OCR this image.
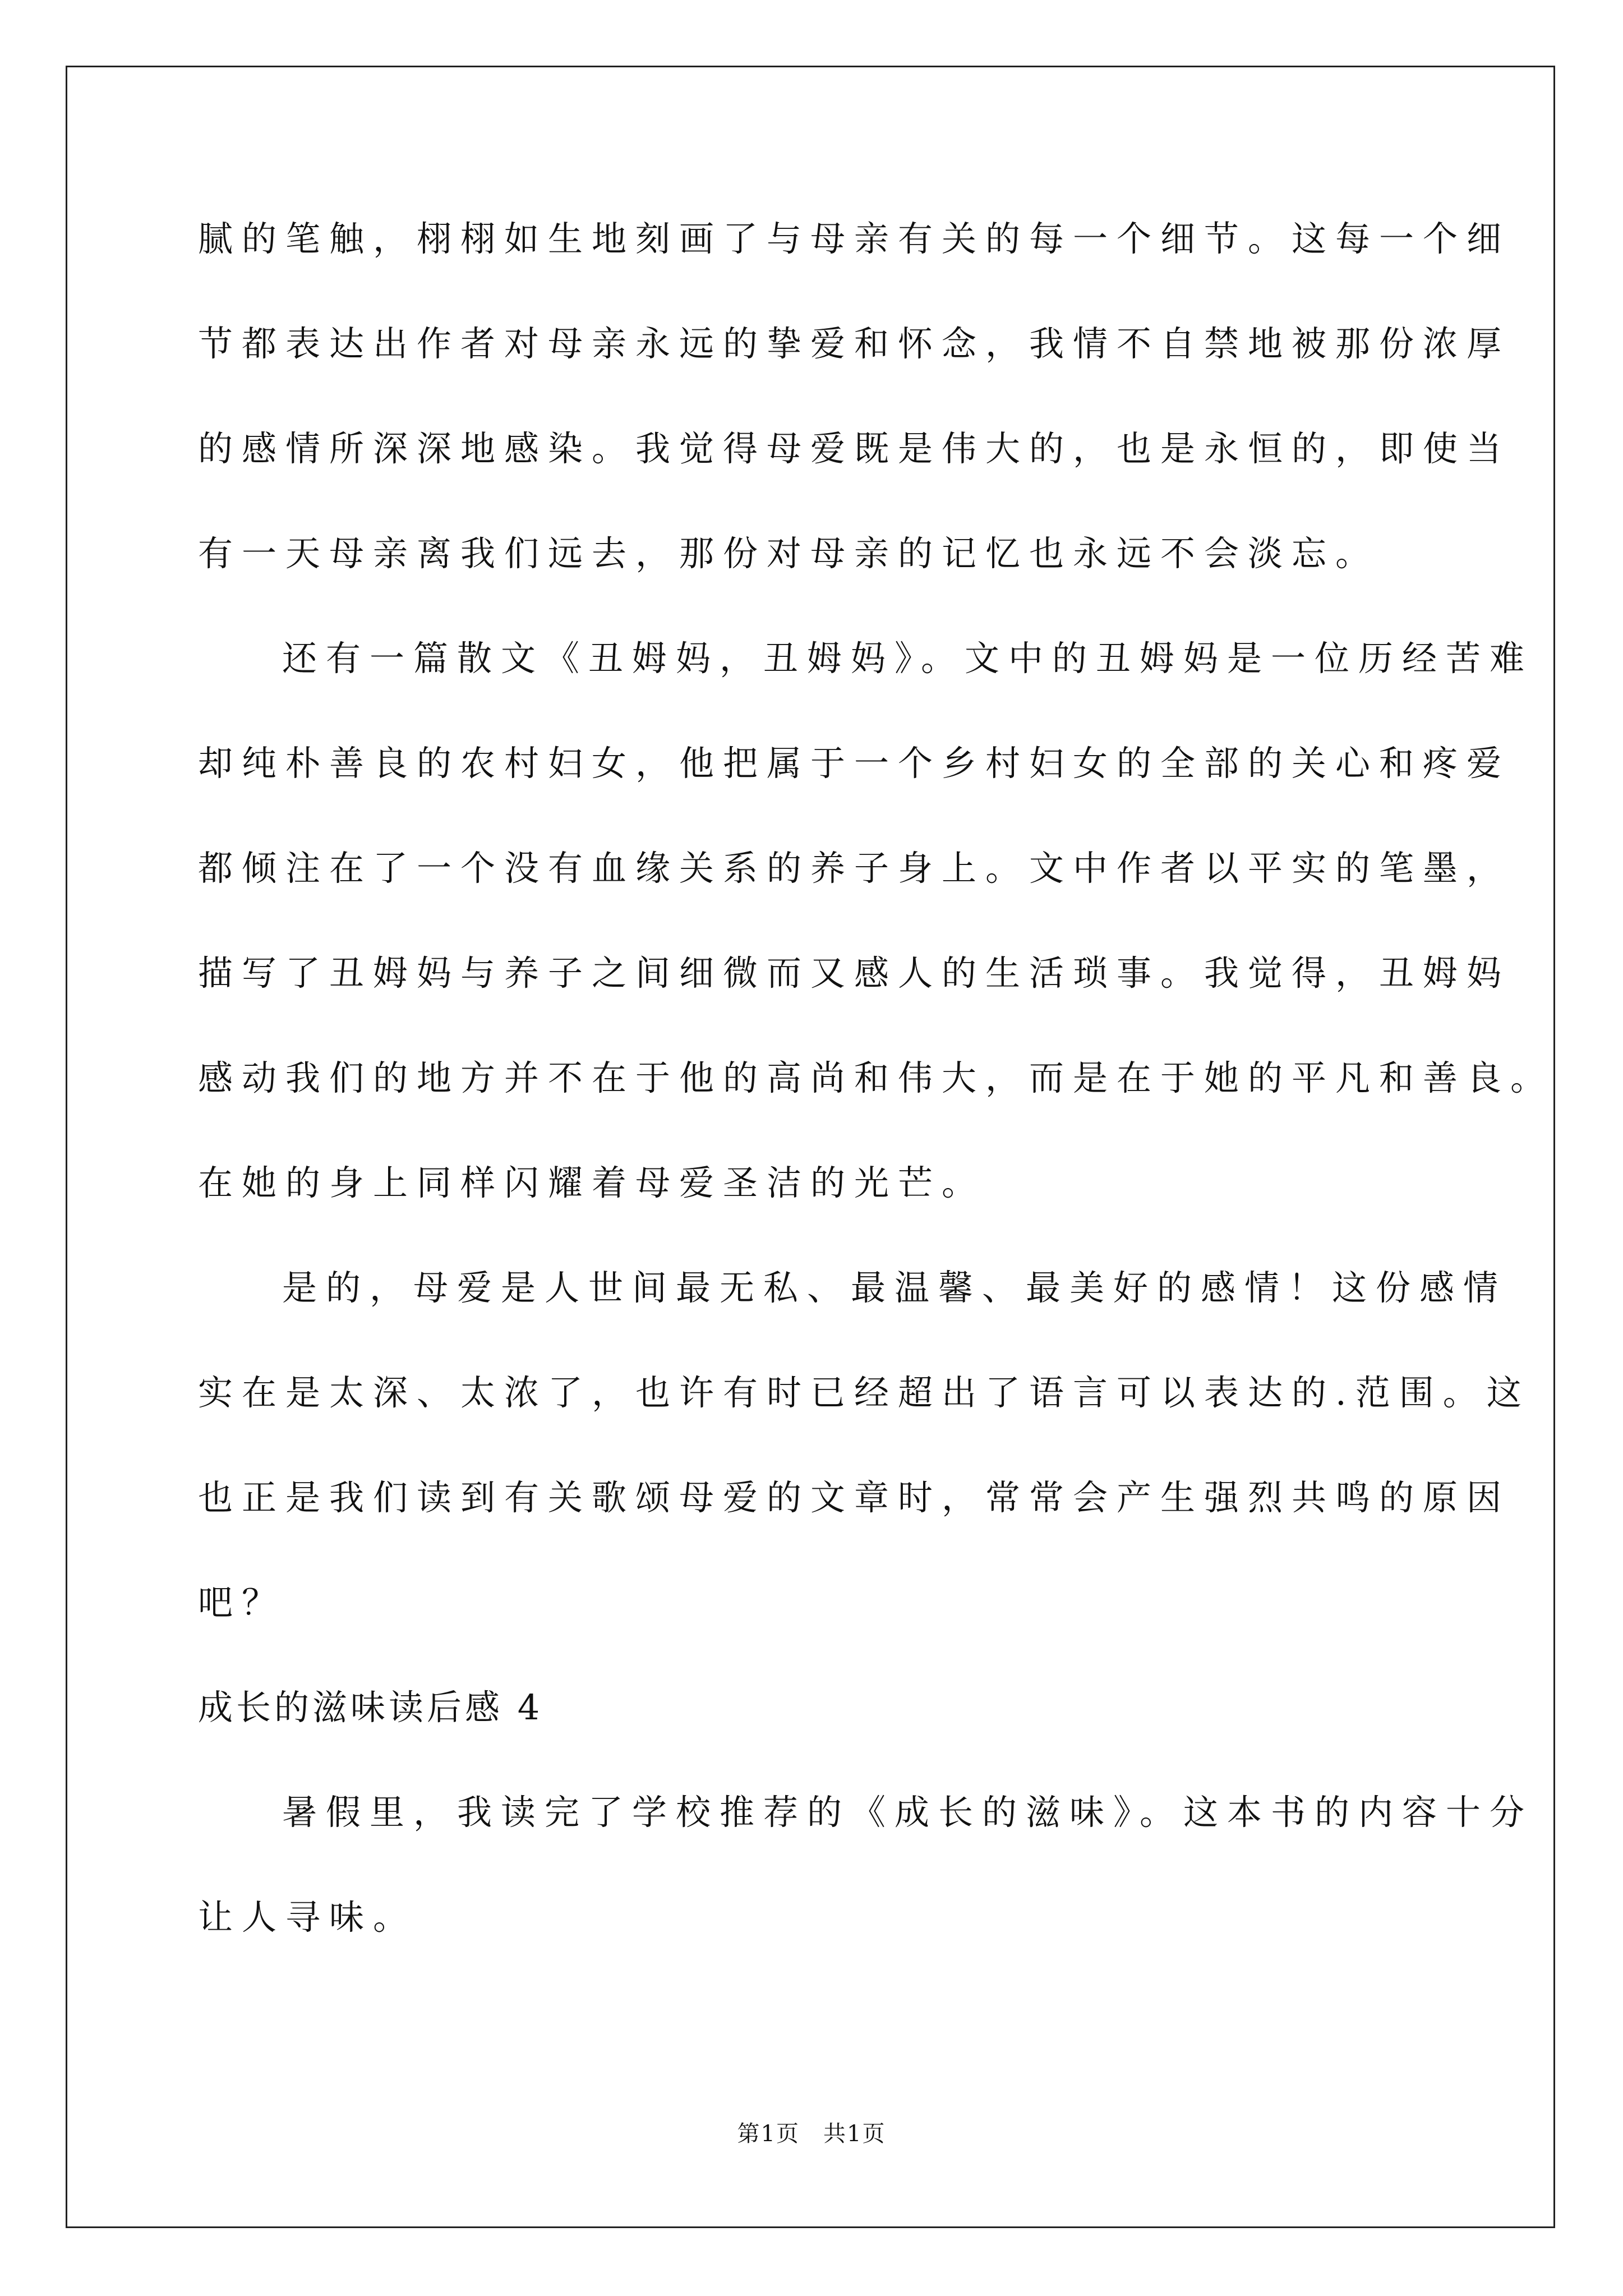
腻的笔触，栩栩如生地刻画了与母亲有关的每一个细节。这每一个细
节都表达出作者对母亲永远的挚爱和怀念，我情不自禁地被那份浓厚
的感情所深深地感染。我觉得母爱既是伟大的，也是永恒的，即使当
有一天母亲离我们远去，那份对母亲的记忆也永远不会淡忘。
还有一篇散文《丑姆妈，丑姆妈》。文中的丑姆妈是一位历经苦难
却纯朴善良的农村妇女，他把属于一个乡村妇女的全部的关心和疼爱
都倾注在了一个没有血缘关系的养子身上。文中作者以平实的笔墨，
描写了丑姆妈与养子之间细微而又感人的生活琐事。我觉得，丑姆妈
感动我们的地方并不在于他的高尚和伟大，而是在于她的平凡和善良。
在她的身上同样闪耀着母爱圣洁的光芒。
是的，母爱是人世间最无私、最温馨、最美好的感情！这份感情
实在是太深、太浓了，也许有时已经超出了语言可以表达的.范围。这
也正是我们读到有关歌颂母爱的文章时，常常会产生强烈共鸣的原因
吧？
成长的滋味读后感 4
暑假里，我读完了学校推荐的《成长的滋味》。这本书的内容十分
让人寻味。
第1页　共1页
